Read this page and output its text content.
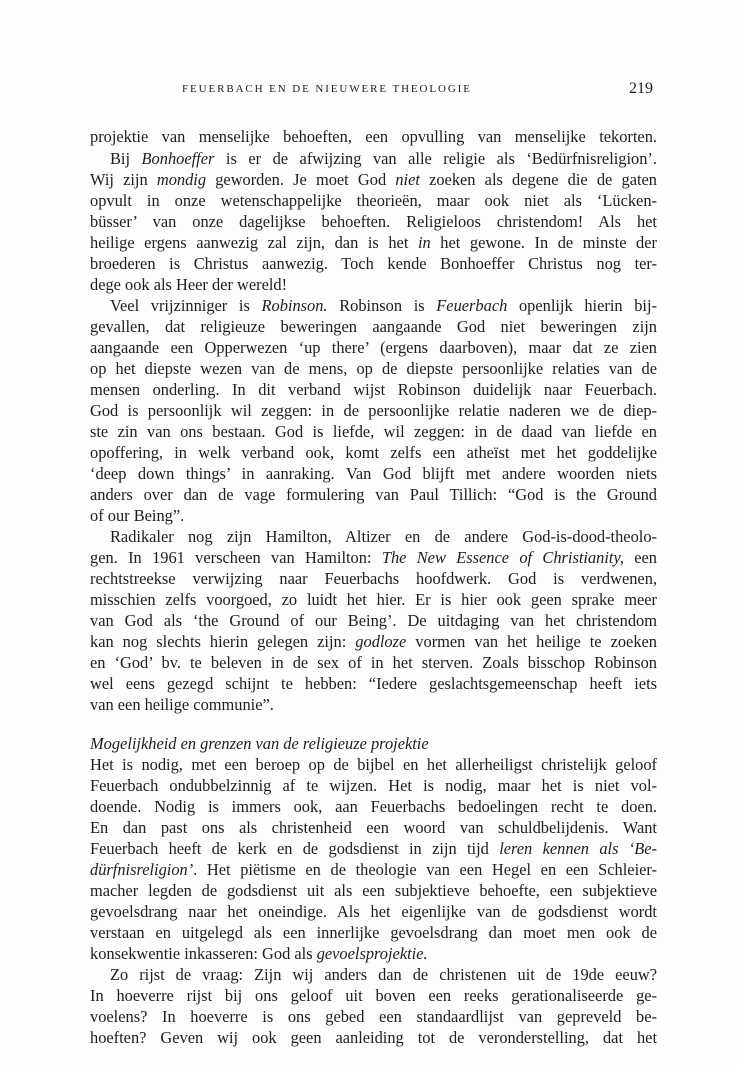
FEUERBACH EN DE NIEUWERE THEOLOGIE	219
projektie van menselijke behoeften, een opvulling van menselijke tekorten.
Bij Bonhoeffer is er de afwijzing van alle religie als ‘Bedürfnisreligion’.
Wij zijn mondig geworden. Je moet God niet zoeken als degene die de gaten
opvult in onze wetenschappelijke theorieën, maar ook niet als ‘Lücken-
büsser’ van onze dagelijkse behoeften. Religieloos christendom! Als het
heilige ergens aanwezig zal zijn, dan is het in het gewone. In de minste der
broederen is Christus aanwezig. Toch kende Bonhoeffer Christus nog ter-
dege ook als Heer der wereld!
Veel vrijzinniger is Robinson. Robinson is Feuerbach openlijk hierin bij-
gevallen, dat religieuze beweringen aangaande God niet beweringen zijn
aangaande een Opperwezen ‘up there’ (ergens daarboven), maar dat ze zien
op het diepste wezen van de mens, op de diepste persoonlijke relaties van de
mensen onderling. In dit verband wijst Robinson duidelijk naar Feuerbach.
God is persoonlijk wil zeggen: in de persoonlijke relatie naderen we de diep-
ste zin van ons bestaan. God is liefde, wil zeggen: in de daad van liefde en
opoffering, in welk verband ook, komt zelfs een atheïst met het goddelijke
‘deep down things’ in aanraking. Van God blijft met andere woorden niets
anders over dan de vage formulering van Paul Tillich: “God is the Ground
of our Being”.
Radikaler nog zijn Hamilton, Altizer en de andere God-is-dood-theolo-
gen. In 1961 verscheen van Hamilton: The New Essence of Christianity, een
rechtstreekse verwijzing naar Feuerbachs hoofdwerk. God is verdwenen,
misschien zelfs voorgoed, zo luidt het hier. Er is hier ook geen sprake meer
van God als ‘the Ground of our Being’. De uitdaging van het christendom
kan nog slechts hierin gelegen zijn: godloze vormen van het heilige te zoeken
en ‘God’ bv. te beleven in de sex of in het sterven. Zoals bisschop Robinson
wel eens gezegd schijnt te hebben: “Iedere geslachtsgemeenschap heeft iets
van een heilige communie”.
Mogelijkheid en grenzen van de religieuze projektie
Het is nodig, met een beroep op de bijbel en het allerheiligst christelijk geloof
Feuerbach ondubbelzinnig af te wijzen. Het is nodig, maar het is niet vol-
doende. Nodig is immers ook, aan Feuerbachs bedoelingen recht te doen.
En dan past ons als christenheid een woord van schuldbelijdenis. Want
Feuerbach heeft de kerk en de godsdienst in zijn tijd leren kennen als ‘Be-
dürfnisreligion’. Het piëtisme en de theologie van een Hegel en een Schleier-
macher legden de godsdienst uit als een subjektieve behoefte, een subjektieve
gevoelsdrang naar het oneindige. Als het eigenlijke van de godsdienst wordt
verstaan en uitgelegd als een innerlijke gevoelsdrang dan moet men ook de
konsekwentie inkasseren: God als gevoelsprojektie.
Zo rijst de vraag: Zijn wij anders dan de christenen uit de 19de eeuw?
In hoeverre rijst bij ons geloof uit boven een reeks gerationaliseerde ge-
voelens? In hoeverre is ons gebed een standaardlijst van gepreveld be-
hoeften? Geven wij ook geen aanleiding tot de veronderstelling, dat het
